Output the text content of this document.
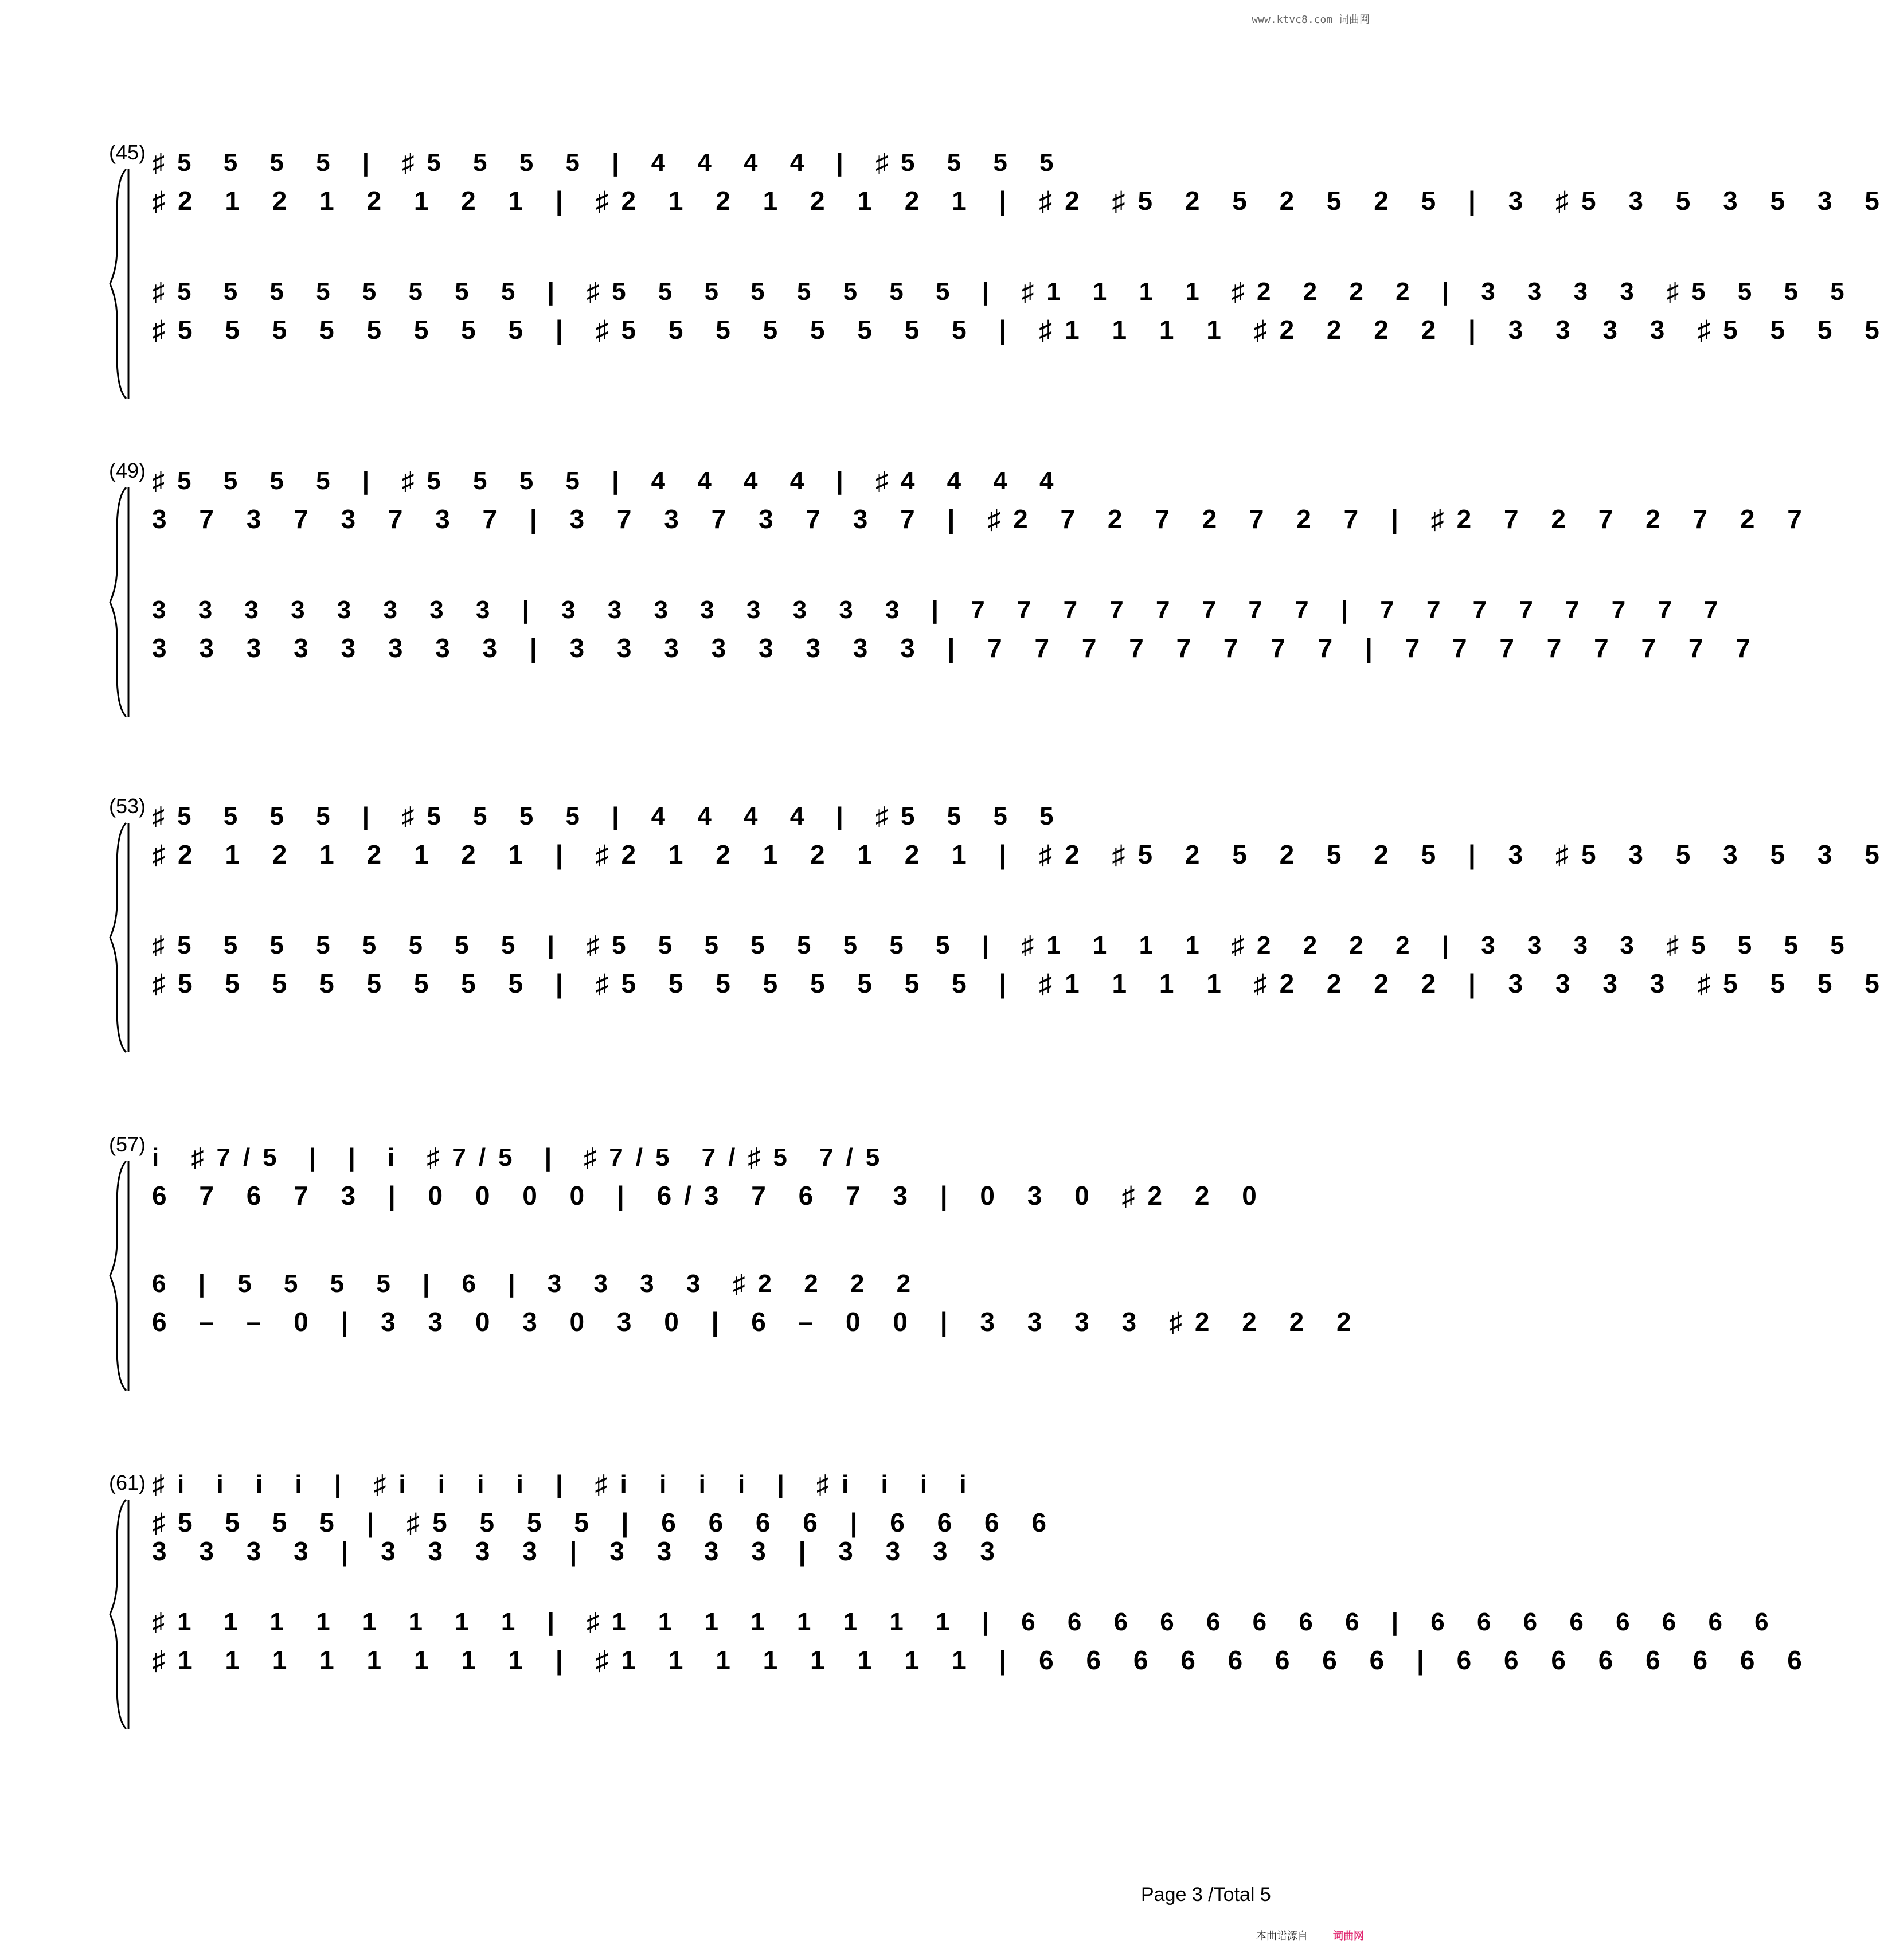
www.ktvc8.com 词曲网
(45) ♯5 5 5 5 | ♯5 5 5 5 | 4 4 4 4 | ♯5 5 5 5
♯2 1 2 1 2 1 2 1 | ♯2 1 2 1 2 1 2 1 | ♯2 ♯5 2 5 2 5 2 5 | 3 ♯5 3 5 3 5 3 5
♯5 5 5 5 5 5 5 5 | ♯5 5 5 5 5 5 5 5 | ♯1 1 1 1 ♯2 2 2 2 | 3 3 3 3 ♯5 5 5 5
♯5 5 5 5 5 5 5 5 | ♯5 5 5 5 5 5 5 5 | ♯1 1 1 1 ♯2 2 2 2 | 3 3 3 3 ♯5 5 5 5
(49) ♯5 5 5 5 | ♯5 5 5 5 | 4 4 4 4 | ♯4 4 4 4
3 7 3 7 3 7 3 7 | 3 7 3 7 3 7 3 7 | ♯2 7 2 7 2 7 2 7 | ♯2 7 2 7 2 7 2 7
3 3 3 3 3 3 3 3 | 3 3 3 3 3 3 3 3 | 7 7 7 7 7 7 7 7 | 7 7 7 7 7 7 7 7
3 3 3 3 3 3 3 3 | 3 3 3 3 3 3 3 3 | 7 7 7 7 7 7 7 7 | 7 7 7 7 7 7 7 7
(53) ♯5 5 5 5 | ♯5 5 5 5 | 4 4 4 4 | ♯5 5 5 5
♯2 1 2 1 2 1 2 1 | ♯2 1 2 1 2 1 2 1 | ♯2 ♯5 2 5 2 5 2 5 | 3 ♯5 3 5 3 5 3 5
♯5 5 5 5 5 5 5 5 | ♯5 5 5 5 5 5 5 5 | ♯1 1 1 1 ♯2 2 2 2 | 3 3 3 3 ♯5 5 5 5
♯5 5 5 5 5 5 5 5 | ♯5 5 5 5 5 5 5 5 | ♯1 1 1 1 ♯2 2 2 2 | 3 3 3 3 ♯5 5 5 5
(57) i ♯7/5 | | i ♯7/5 | ♯7/5 7/♯5 7/5
6 7 6 7 3 | 0 0 0 0 | 6/3 7 6 7 3 | 0 3 0 ♯2 2 0
6 | 5 5 5 5 | 6 | 3 3 3 3 ♯2 2 2 2
6 – – 0 | 3 3 0 3 0 3 0 | 6 – 0 0 | 3 3 3 3 ♯2 2 2 2
(61) ♯i i i i | ♯i i i i | ♯i i i i | ♯i i i i
♯5 5 5 5 | ♯5 5 5 5 | 6 6 6 6 | 6 6 6 6
3 3 3 3 | 3 3 3 3 | 3 3 3 3 | 3 3 3 3
♯1 1 1 1 1 1 1 1 | ♯1 1 1 1 1 1 1 1 | 6 6 6 6 6 6 6 6 | 6 6 6 6 6 6 6 6
♯1 1 1 1 1 1 1 1 | ♯1 1 1 1 1 1 1 1 | 6 6 6 6 6 6 6 6 | 6 6 6 6 6 6 6 6
Page 3 /Total 5
本曲谱源自 词曲网
